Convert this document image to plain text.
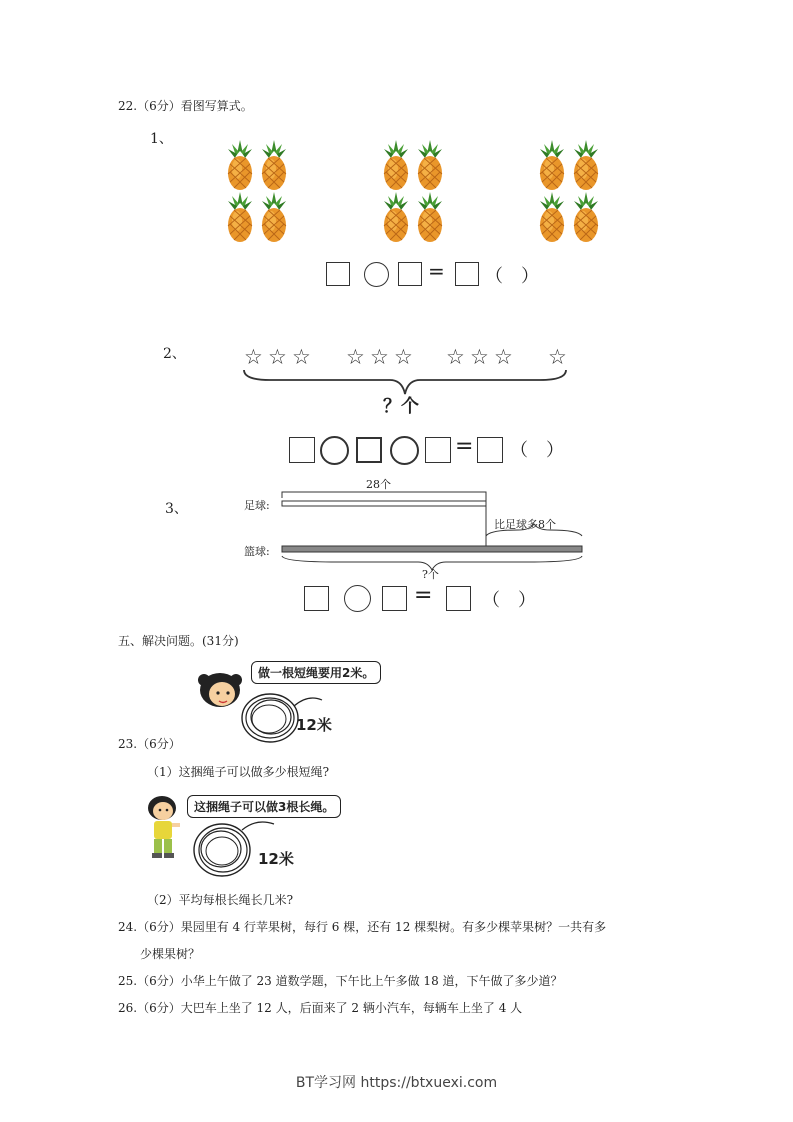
22.（6分）看图写算式。
1、
= （　）
2、	☆ ☆ ☆ ☆ ☆ ☆ ☆ ☆ ☆ ☆
？个
= （　）
3、
28个
足球:
篮球:
比足球多8个
?个
=	（　）
五、解决问题。(31分)
做一根短绳要用2米。
12米
23.（6分）
（1）这捆绳子可以做多少根短绳?
这捆绳子可以做3根长绳。
12米
（2）平均每根长绳长几米?
24.（6分）果园里有 4 行苹果树，每行 6 棵，还有 12 棵梨树。有多少棵苹果树？一共有多
少棵果树？
25.（6分）小华上午做了 23 道数学题，下午比上午多做 18 道，下午做了多少道？
26.（6分）大巴车上坐了 12 人，后面来了 2 辆小汽车，每辆车上坐了 4 人
BT学习网 https://btxuexi.com
